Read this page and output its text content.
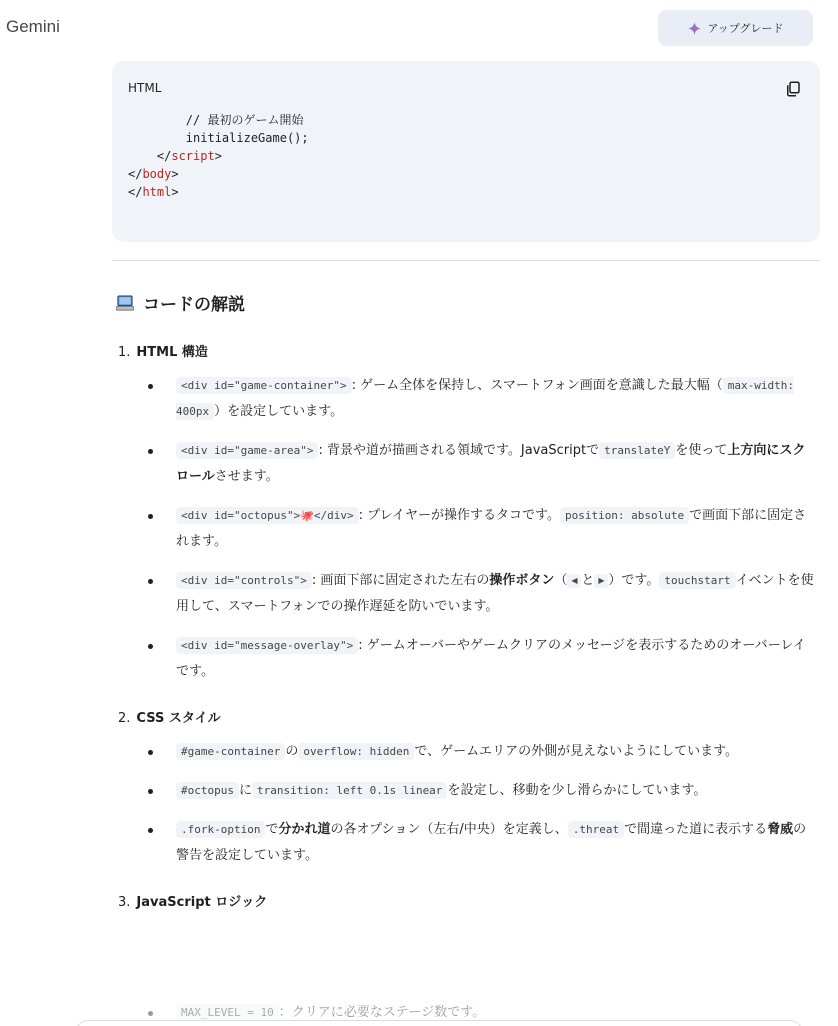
Gemini	アップグレード
HTML
// 最初のゲーム開始
initializeGame();
</script>
</body>
</html>
コードの解説
1. HTML 構造
<div id="game-container"> : ゲーム全体を保持し、スマートフォン画面を意識した最大幅（ max-width: 400px ）を設定しています。
<div id="game-area"> : 背景や道が描画される領域です。JavaScriptで translateY を使って上方向にスクロールさせます。
<div id="octopus">🐙</div> : プレイヤーが操作するタコです。 position: absolute で画面下部に固定されます。
<div id="controls"> : 画面下部に固定された左右の操作ボタン（ ◀ と ▶ ）です。 touchstart イベントを使用して、スマートフォンでの操作遅延を防いでいます。
<div id="message-overlay"> : ゲームオーバーやゲームクリアのメッセージを表示するためのオーバーレイです。
2. CSS スタイル
#game-container の overflow: hidden で、ゲームエリアの外側が見えないようにしています。
#octopus に transition: left 0.1s linear を設定し、移動を少し滑らかにしています。
.fork-option で分かれ道の各オプション（左右/中央）を定義し、 .threat で間違った道に表示する脅威の警告を設定しています。
3. JavaScript ロジック
MAX_LEVEL = 10 ：クリアに必要なステージ数です。
